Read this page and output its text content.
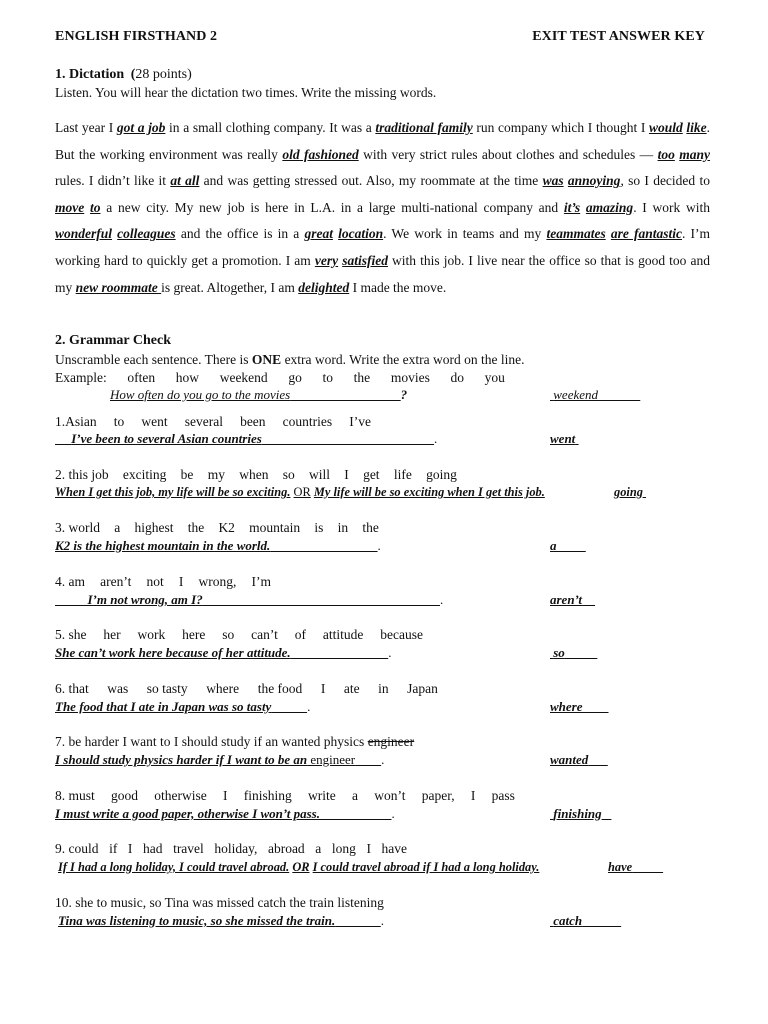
ENGLISH FIRSTHAND 2	EXIT TEST ANSWER KEY
1. Dictation (28 points)
Listen. You will hear the dictation two times. Write the missing words.
Last year I got a job in a small clothing company. It was a traditional family run company which I thought I would like. But the working environment was really old fashioned with very strict rules about clothes and schedules — too many rules. I didn’t like it at all and was getting stressed out. Also, my roommate at the time was annoying, so I decided to move to a new city. My new job is here in L.A. in a large multi-national company and it’s amazing. I work with wonderful colleagues and the office is in a great location. We work in teams and my teammates are fantastic. I’m working hard to quickly get a promotion. I am very satisfied with this job. I live near the office so that is good too and my new roommate is great. Altogether, I am delighted I made the move.
2. Grammar Check
Unscramble each sentence. There is ONE extra word. Write the extra word on the line.
Example: often how weekend go to the movies do you
How often do you go to the movies	?	weekend
1.Asian to went several been countries I’ve
I’ve been to several Asian countries	.	went
2. this job exciting be my when so will I get life going
When I get this job, my life will be so exciting. OR My life will be so exciting when I get this job.	going
3. world a highest the K2 mountain is in the
K2 is the highest mountain in the world.	.	a
4. am aren’t not I wrong, I’m
I’m not wrong, am I?	.	aren’t
5. she her work here so can’t of attitude because
She can’t work here because of her attitude.	.	so
6. that was so tasty where the food I ate in Japan
The food that I ate in Japan was so tasty	.	where
7. be harder I want to I should study if an wanted physics engineer
I should study physics harder if I want to be an engineer .	wanted
8. must good otherwise I finishing write a won’t paper, I pass
I must write a good paper, otherwise I won’t pass.	.	finishing
9. could if I had travel holiday, abroad a long I have
If I had a long holiday, I could travel abroad. OR I could travel abroad if I had a long holiday.	have
10. she to music, so Tina was missed catch the train listening
Tina was listening to music, so she missed the train.	.	catch
